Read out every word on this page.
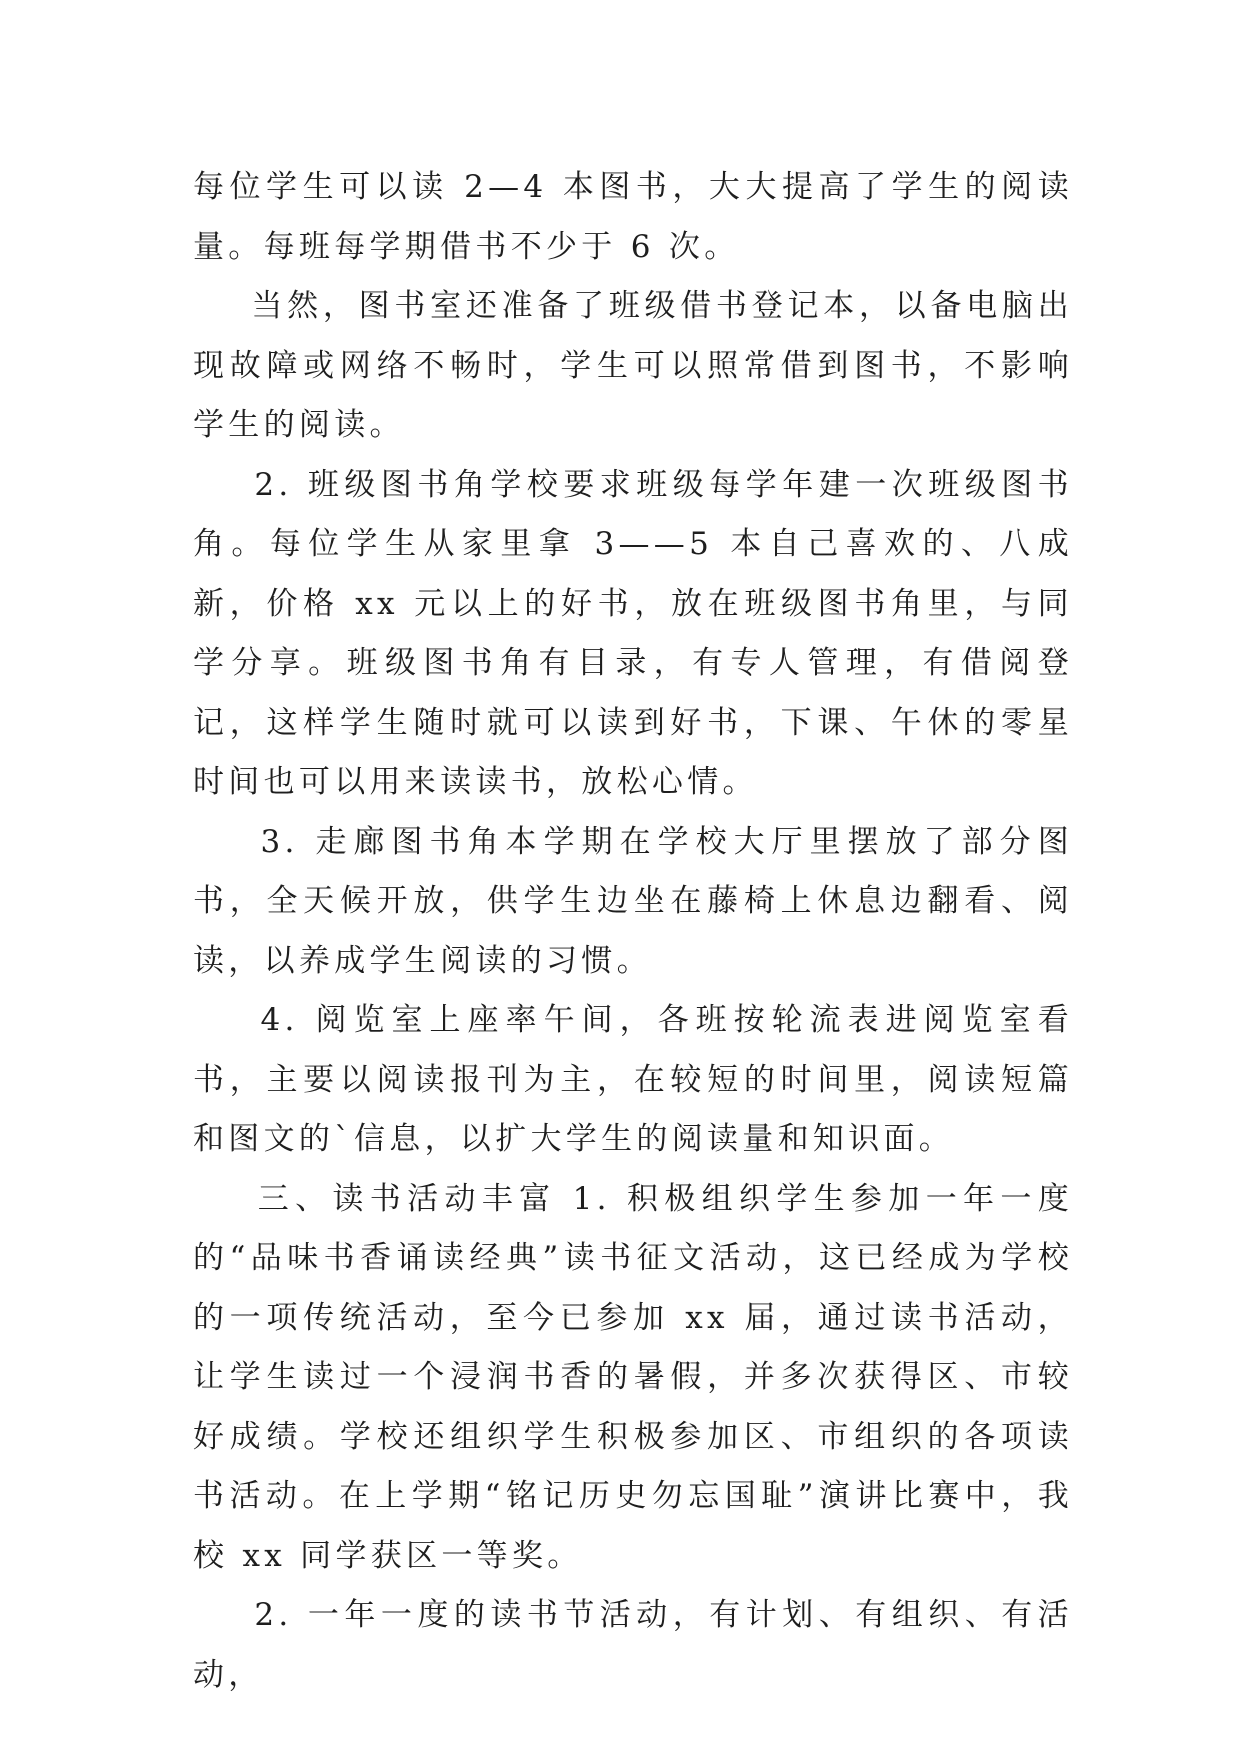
每位学生可以读 2—4 本图书，大大提高了学生的阅读量。每班每学期借书不少于 6 次。

当然，图书室还准备了班级借书登记本，以备电脑出现故障或网络不畅时，学生可以照常借到图书，不影响学生的阅读。

2. 班级图书角学校要求班级每学年建一次班级图书角。每位学生从家里拿 3——5 本自己喜欢的、八成新，价格 xx 元以上的好书，放在班级图书角里，与同学分享。班级图书角有目录，有专人管理，有借阅登记，这样学生随时就可以读到好书，下课、午休的零星时间也可以用来读读书，放松心情。

3. 走廊图书角本学期在学校大厅里摆放了部分图书，全天候开放，供学生边坐在藤椅上休息边翻看、阅读，以养成学生阅读的习惯。

4. 阅览室上座率午间，各班按轮流表进阅览室看书，主要以阅读报刊为主，在较短的时间里，阅读短篇和图文的`信息，以扩大学生的阅读量和知识面。

三、读书活动丰富 1. 积极组织学生参加一年一度的“品味书香诵读经典”读书征文活动，这已经成为学校的一项传统活动，至今已参加 xx 届，通过读书活动，让学生读过一个浸润书香的暑假，并多次获得区、市较好成绩。学校还组织学生积极参加区、市组织的各项读书活动。在上学期“铭记历史勿忘国耻”演讲比赛中，我校 xx 同学获区一等奖。

2. 一年一度的读书节活动，有计划、有组织、有活动，
